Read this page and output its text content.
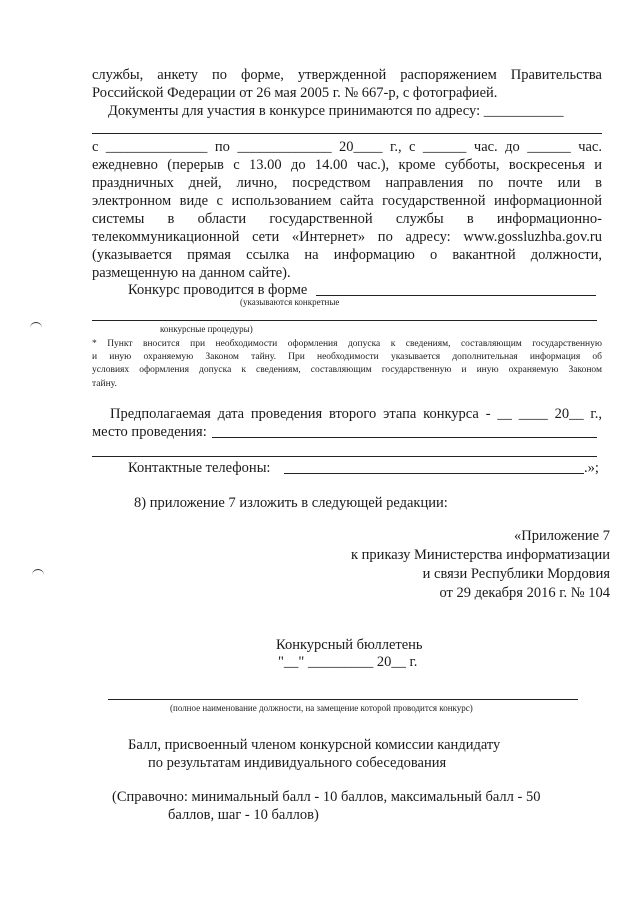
службы, анкету по форме, утвержденной распоряжением Правительства
Российской Федерации от 26 мая 2005 г. № 667-р, с фотографией.
Документы для участия в конкурсе принимаются по адресу: ___________
с ______________ по _____________ 20____ г., с ______ час. до ______ час.
ежедневно (перерыв с 13.00 до 14.00 час.), кроме субботы, воскресенья и
праздничных дней, лично, посредством направления по почте или в
электронном виде с использованием сайта государственной информационной
системы в области государственной службы в информационно-
телекоммуникационной сети «Интернет» по адресу: www.gossluzhba.gov.ru
(указывается прямая ссылка на информацию о вакантной должности,
размещенную на данном сайте).
Конкурс проводится в форме
(указываются конкретные
конкурсные процедуры)
* Пункт вносится при необходимости оформления допуска к сведениям, составляющим государственную
и иную охраняемую Законом тайну. При необходимости указывается дополнительная информация об
условиях оформления допуска к сведениям, составляющим государственную и иную охраняемую Законом
тайну.
Предполагаемая дата проведения второго этапа конкурса - __ ____ 20__ г.,
место проведения:
Контактные телефоны:	.»;
8) приложение 7 изложить в следующей редакции:
«Приложение 7
к приказу Министерства информатизации
и связи Республики Мордовия
от 29 декабря 2016 г. № 104
Конкурсный бюллетень
"__" _________ 20__ г.
(полное наименование должности, на замещение которой проводится конкурс)
Балл, присвоенный членом конкурсной комиссии кандидату
по результатам индивидуального собеседования
(Справочно: минимальный балл - 10 баллов, максимальный балл - 50
баллов, шаг - 10 баллов)
